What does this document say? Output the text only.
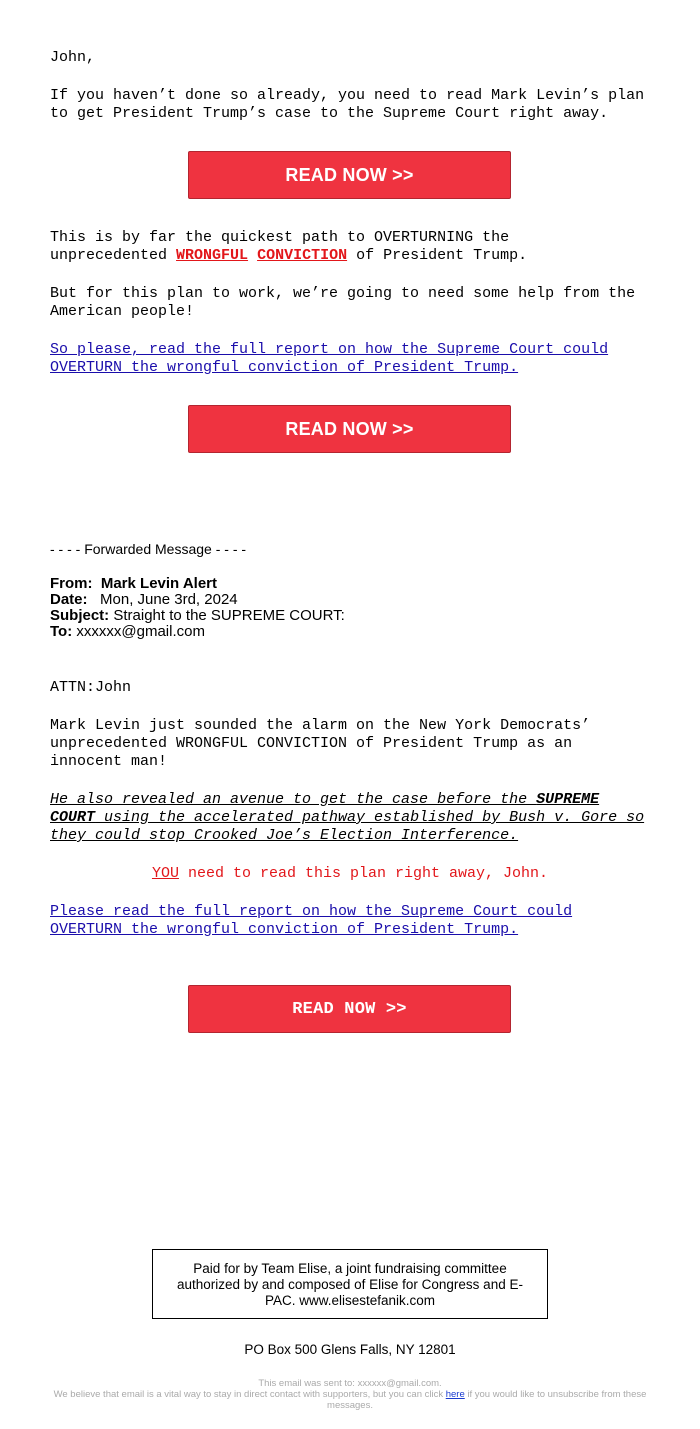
John,

If you haven’t done so already, you need to read Mark Levin’s plan to get President Trump’s case to the Supreme Court right away.

READ NOW >>

This is by far the quickest path to OVERTURNING the unprecedented WRONGFUL CONVICTION of President Trump.

But for this plan to work, we’re going to need some help from the American people!

So please, read the full report on how the Supreme Court could OVERTURN the wrongful conviction of President Trump.

READ NOW >>

- - - - Forwarded Message - - - -

From: Mark Levin Alert

Date: Mon, June 3rd, 2024

Subject: Straight to the SUPREME COURT:

To: xxxxxx@gmail.com

ATTN:John

Mark Levin just sounded the alarm on the New York Democrats’ unprecedented WRONGFUL CONVICTION of President Trump as an innocent man!

He also revealed an avenue to get the case before the SUPREME COURT using the accelerated pathway established by Bush v. Gore so they could stop Crooked Joe’s Election Interference.

YOU need to read this plan right away, John.

Please read the full report on how the Supreme Court could OVERTURN the wrongful conviction of President Trump.

READ NOW >>
Paid for by Team Elise, a joint fundraising committee authorized by and composed of Elise for Congress and E-PAC. www.elisestefanik.com

PO Box 500 Glens Falls, NY 12801

This email was sent to: xxxxxx@gmail.com.

We believe that email is a vital way to stay in direct contact with supporters, but you can click here if you would like to unsubscribe from these messages.
